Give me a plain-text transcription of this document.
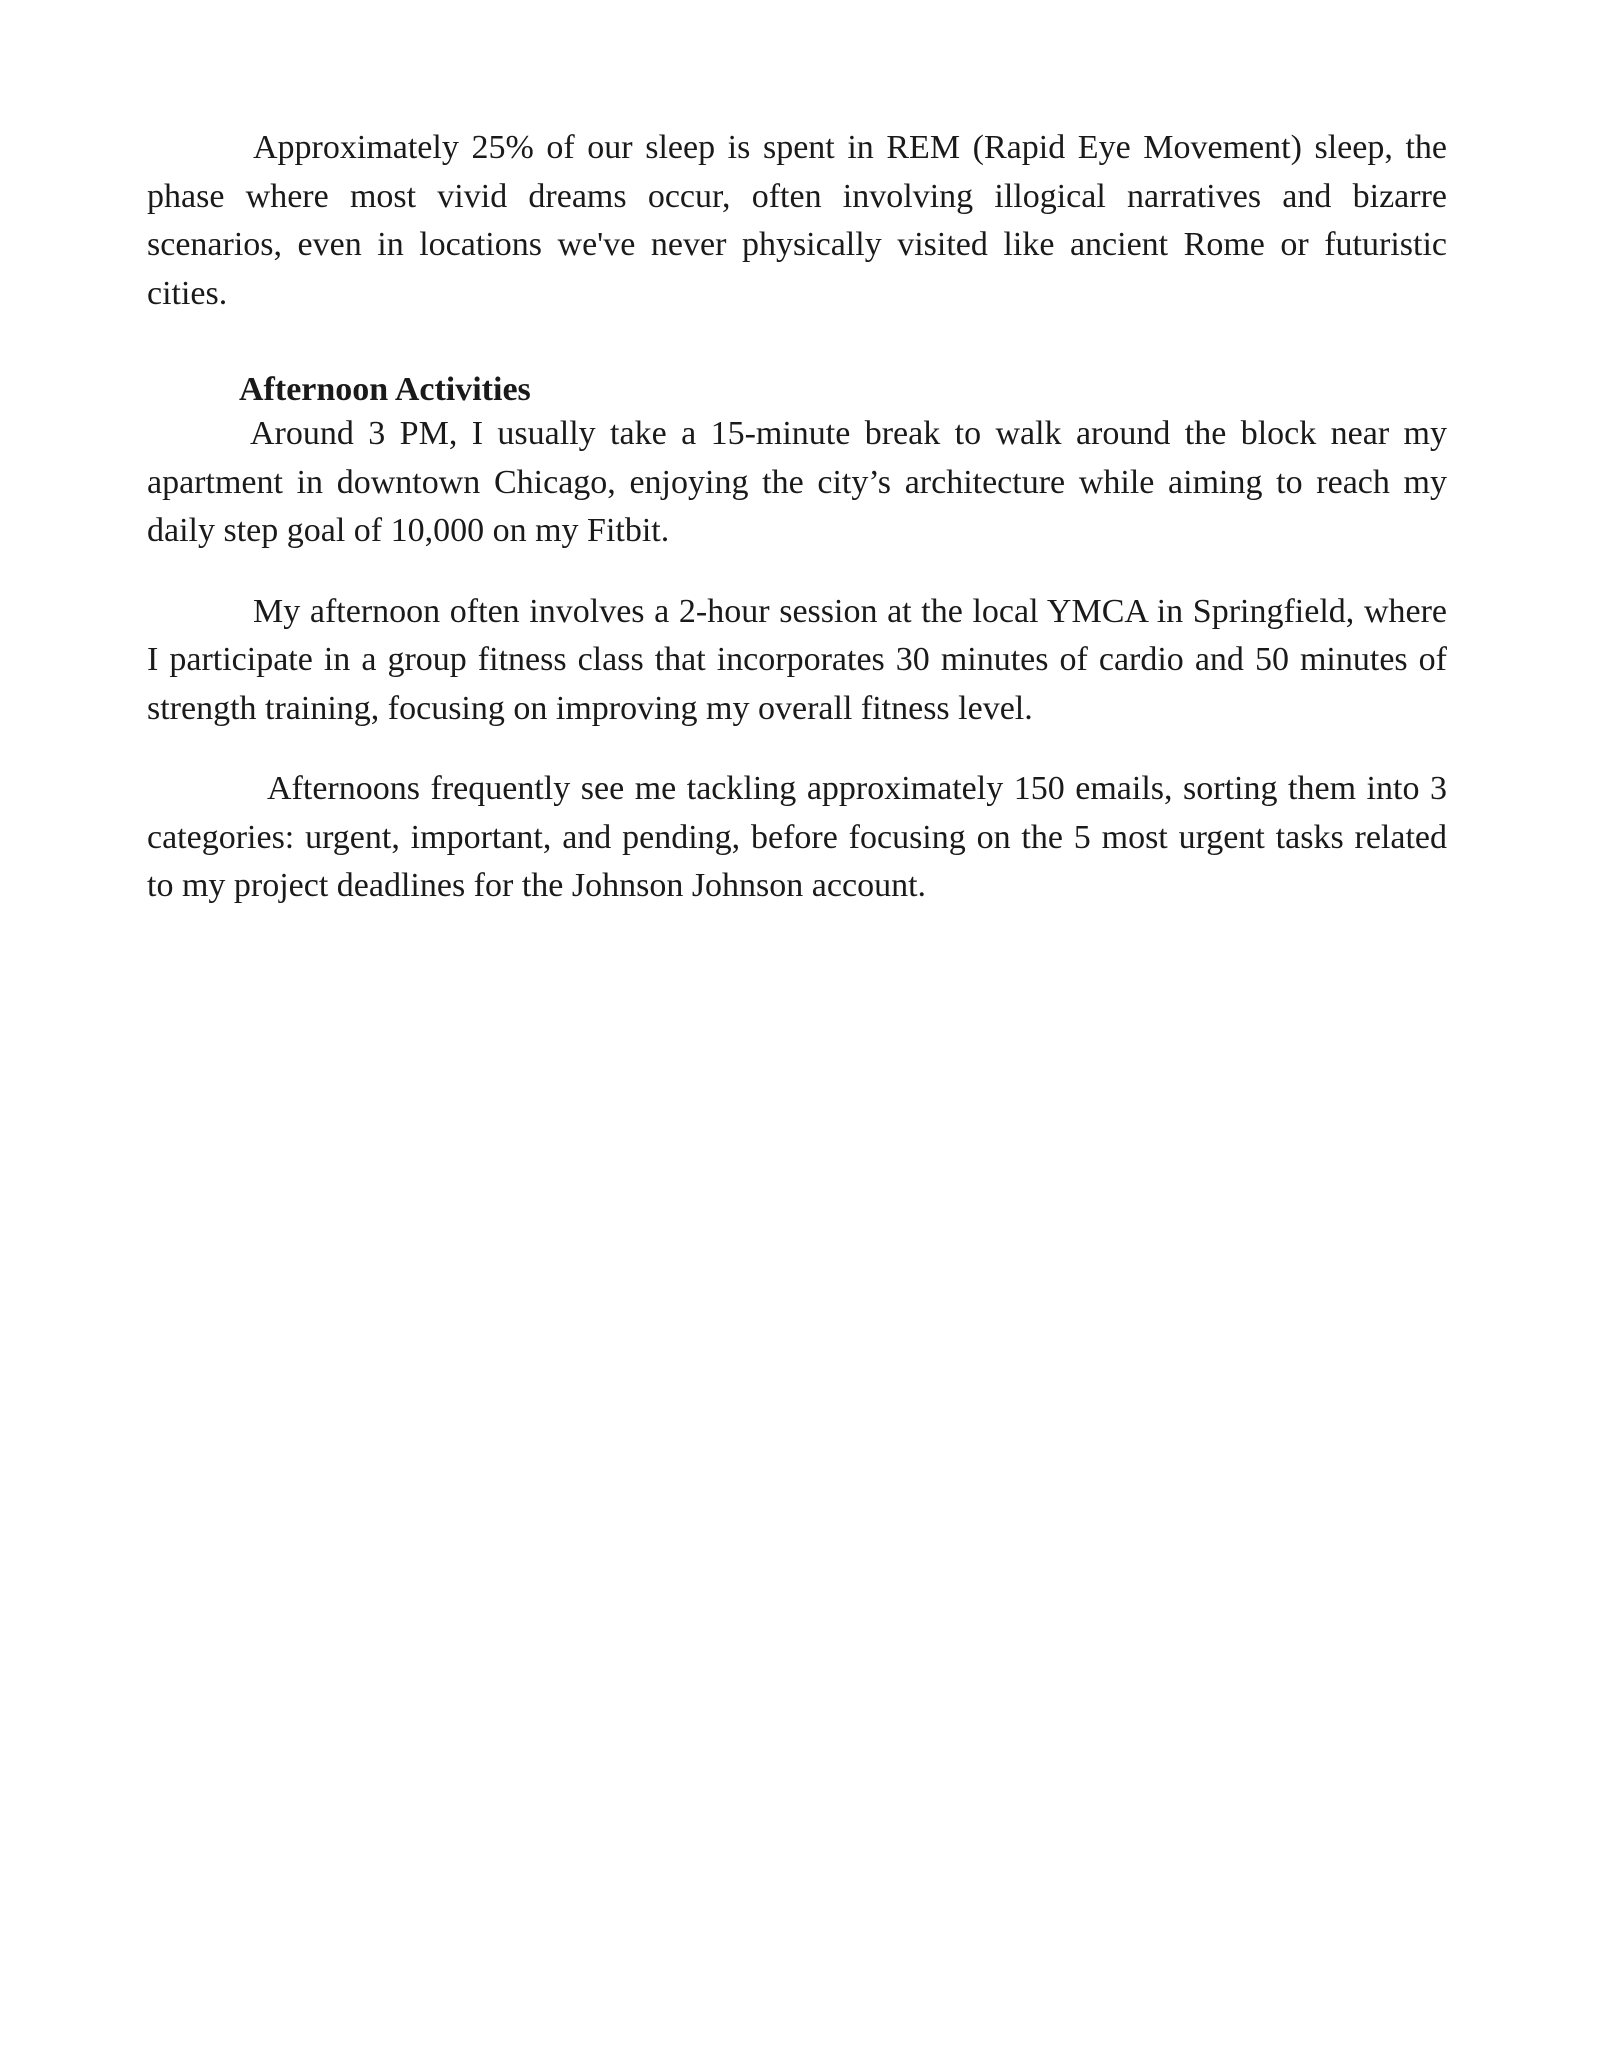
Approximately 25% of our sleep is spent in REM (Rapid Eye Movement) sleep, the phase where most vivid dreams occur, often involving illogical narratives and bizarre scenarios, even in locations we've never physically visited like ancient Rome or futuristic cities.

Afternoon Activities

Around 3 PM, I usually take a 15-minute break to walk around the block near my apartment in downtown Chicago, enjoying the city’s architecture while aiming to reach my daily step goal of 10,000 on my Fitbit.

My afternoon often involves a 2-hour session at the local YMCA in Springfield, where I participate in a group fitness class that incorporates 30 minutes of cardio and 50 minutes of strength training, focusing on improving my overall fitness level.

Afternoons frequently see me tackling approximately 150 emails, sorting them into 3 categories: urgent, important, and pending, before focusing on the 5 most urgent tasks related to my project deadlines for the Johnson Johnson account.
